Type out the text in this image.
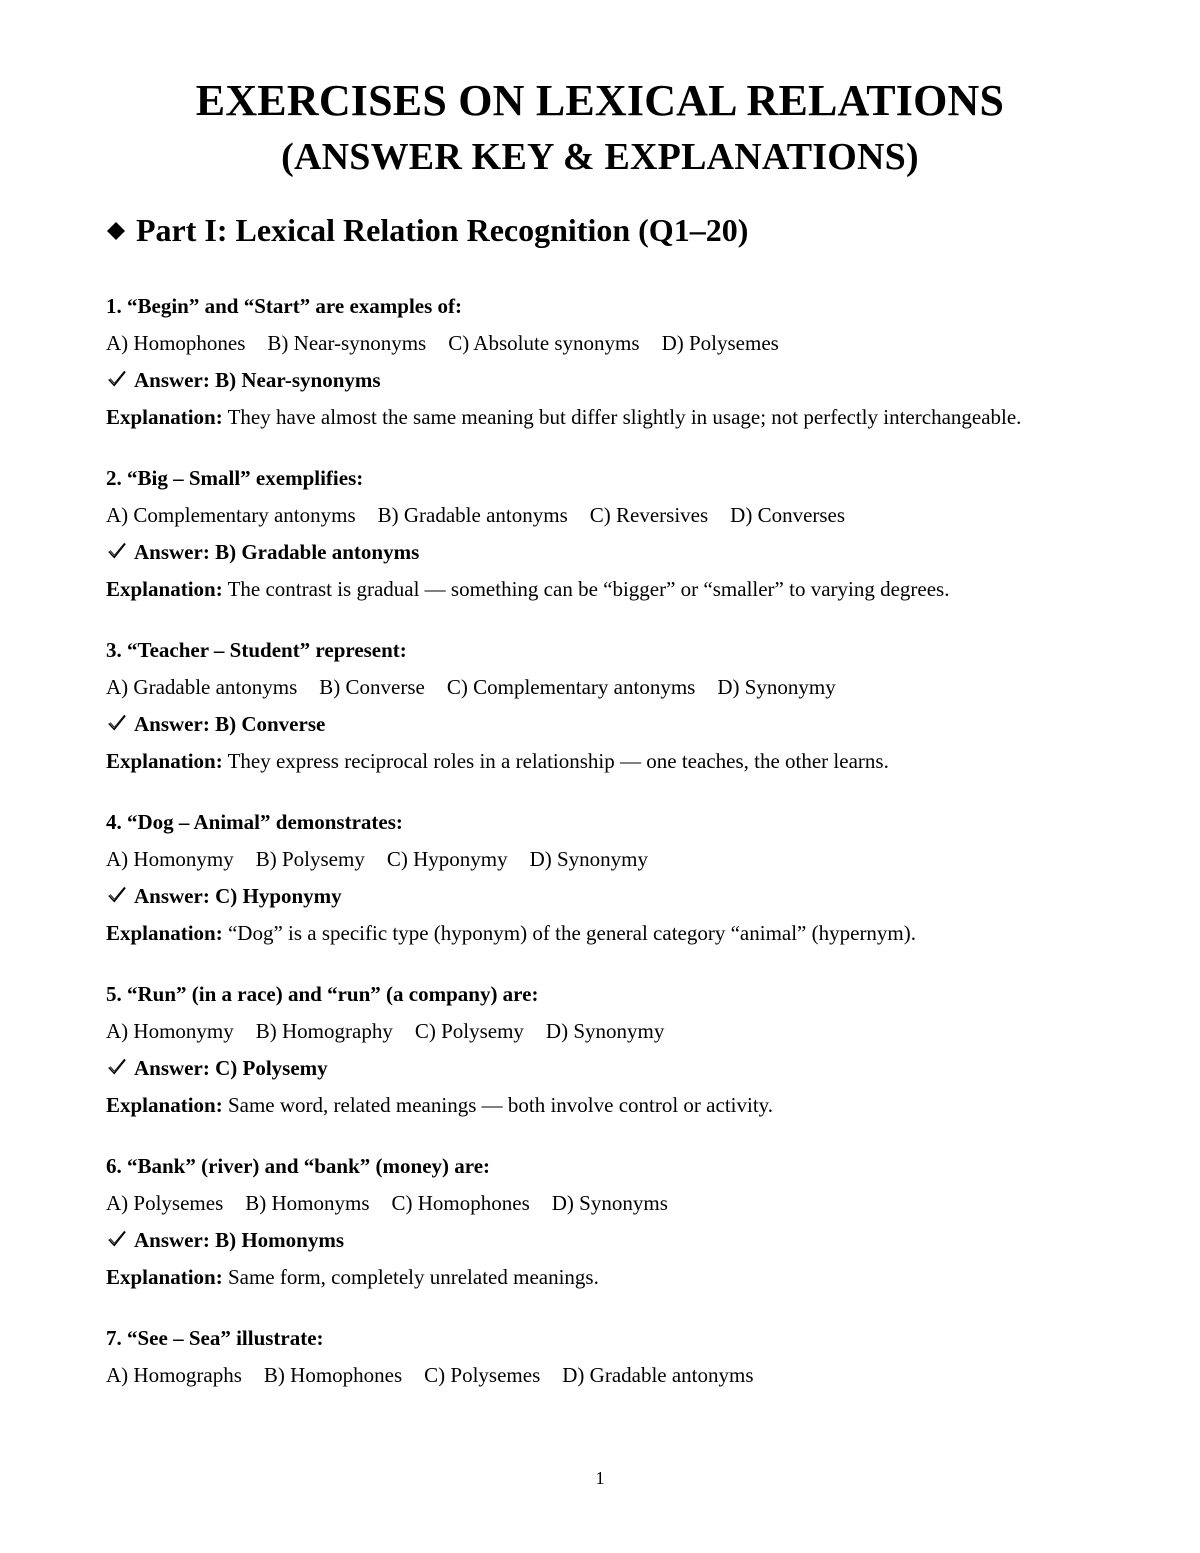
EXERCISES ON LEXICAL RELATIONS
(ANSWER KEY & EXPLANATIONS)
Part I: Lexical Relation Recognition (Q1–20)
1. “Begin” and “Start” are examples of:
A) Homophones B) Near-synonyms C) Absolute synonyms D) Polysemes
Answer: B) Near-synonyms
Explanation: They have almost the same meaning but differ slightly in usage; not perfectly interchangeable.
2. “Big – Small” exemplifies:
A) Complementary antonyms B) Gradable antonyms C) Reversives D) Converses
Answer: B) Gradable antonyms
Explanation: The contrast is gradual — something can be “bigger” or “smaller” to varying degrees.
3. “Teacher – Student” represent:
A) Gradable antonyms B) Converse C) Complementary antonyms D) Synonymy
Answer: B) Converse
Explanation: They express reciprocal roles in a relationship — one teaches, the other learns.
4. “Dog – Animal” demonstrates:
A) Homonymy B) Polysemy C) Hyponymy D) Synonymy
Answer: C) Hyponymy
Explanation: “Dog” is a specific type (hyponym) of the general category “animal” (hypernym).
5. “Run” (in a race) and “run” (a company) are:
A) Homonymy B) Homography C) Polysemy D) Synonymy
Answer: C) Polysemy
Explanation: Same word, related meanings — both involve control or activity.
6. “Bank” (river) and “bank” (money) are:
A) Polysemes B) Homonyms C) Homophones D) Synonyms
Answer: B) Homonyms
Explanation: Same form, completely unrelated meanings.
7. “See – Sea” illustrate:
A) Homographs B) Homophones C) Polysemes D) Gradable antonyms
1
